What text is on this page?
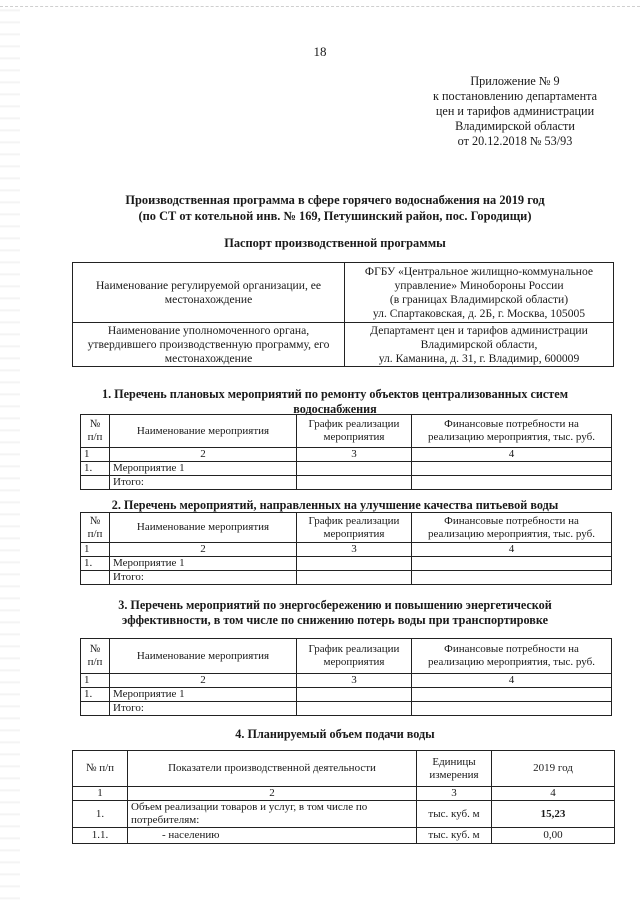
18
Приложение № 9
к постановлению департамента
цен и тарифов администрации
Владимирской области
от 20.12.2018 № 53/93
Производственная программа в сфере горячего водоснабжения на 2019 год
(по СТ от котельной инв. № 169, Петушинский район, пос. Городищи)
Паспорт производственной программы
Наименование регулируемой организации, ее местонахождение	ФГБУ «Центральное жилищно-коммунальное
управление» Минобороны России
(в границах Владимирской области)
ул. Спартаковская, д. 2Б, г. Москва, 105005

Наименование уполномоченного органа, утвердившего производственную программу, его местонахождение	Департамент цен и тарифов администрации
Владимирской области,
ул. Каманина, д. 31, г. Владимир, 600009
1. Перечень плановых мероприятий по ремонту объектов централизованных систем
водоснабжения
№ п/п	Наименование мероприятия	График реализации мероприятия	Финансовые потребности на реализацию мероприятия, тыс. руб.
1	2	3	4
1.	Мероприятие 1		
	Итого:		
2. Перечень мероприятий, направленных на улучшение качества питьевой воды
№ п/п	Наименование мероприятия	График реализации мероприятия	Финансовые потребности на реализацию мероприятия, тыс. руб.
1	2	3	4
1.	Мероприятие 1		
	Итого:		
3. Перечень мероприятий по энергосбережению и повышению энергетической
эффективности, в том числе по снижению потерь воды при транспортировке
№ п/п	Наименование мероприятия	График реализации мероприятия	Финансовые потребности на реализацию мероприятия, тыс. руб.
1	2	3	4
1.	Мероприятие 1		
	Итого:		
4. Планируемый объем подачи воды
№ п/п	Показатели производственной деятельности	Единицы измерения	2019 год
1	2	3	4
1.	Объем реализации товаров и услуг, в том числе по потребителям:	тыс. куб. м	15,23
1.1.	- населению	тыс. куб. м	0,00
